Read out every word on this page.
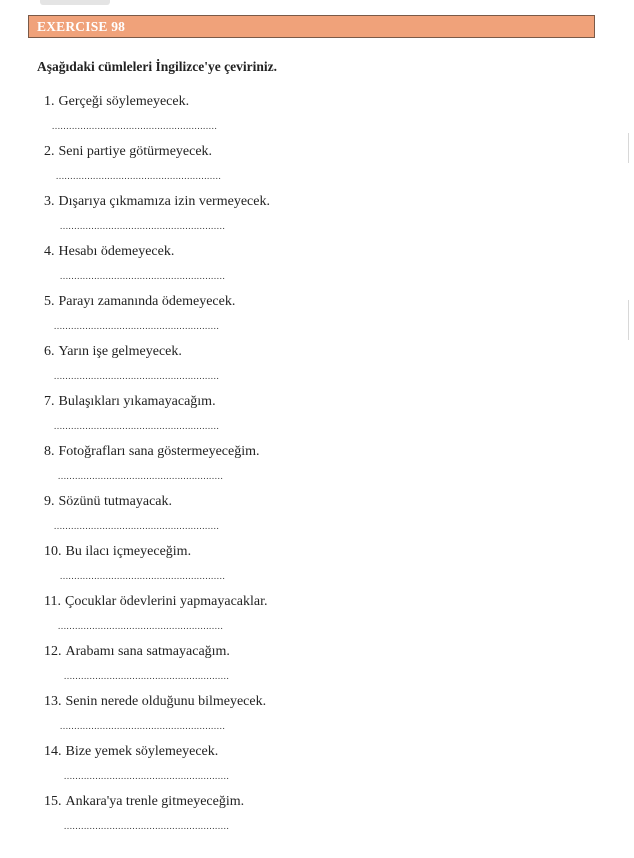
EXERCISE 98
Aşağıdaki cümleleri İngilizce'ye çeviriniz.
1. Gerçeği söylemeyecek.
..........................................................
2. Seni partiye götürmeyecek.
..........................................................
3. Dışarıya çıkmamıza izin vermeyecek.
..........................................................
4. Hesabı ödemeyecek.
..........................................................
5. Parayı zamanında ödemeyecek.
..........................................................
6. Yarın işe gelmeyecek.
..........................................................
7. Bulaşıkları yıkamayacağım.
..........................................................
8. Fotoğrafları sana göstermeyeceğim.
..........................................................
9. Sözünü tutmayacak.
..........................................................
10. Bu ilacı içmeyeceğim.
..........................................................
11. Çocuklar ödevlerini yapmayacaklar.
..........................................................
12. Arabamı sana satmayacağım.
..........................................................
13. Senin nerede olduğunu bilmeyecek.
..........................................................
14. Bize yemek söylemeyecek.
..........................................................
15. Ankara'ya trenle gitmeyeceğim.
..........................................................
